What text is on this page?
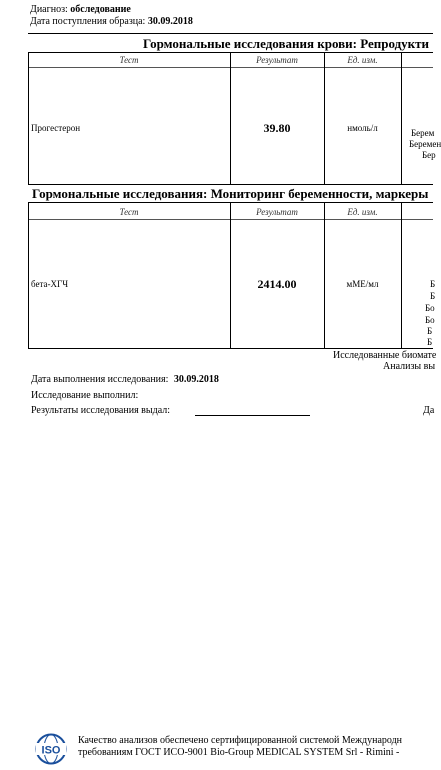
Диагноз: обследование
Дата поступления образца: 30.09.2018
Гормональные исследования крови: Репродукти
Тест	Результат	Ед. изм.
Прогестерон	39.80	нмоль/л	Берем
Беремен
Бер
Гормональные исследования: Мониторинг беременности, маркеры
Тест	Результат	Ед. изм.
бета-ХГЧ	2414.00	мМЕ/мл	Б
Б
Бо
Бо
Б
Б
Исследованные биомате
Анализы вы
Дата выполнения исследования: 30.09.2018
Исследование выполнил:
Результаты исследования выдал:	Да
ISO
Качество анализов обеспечено сертифицированной системой Международн
требованиям ГОСТ ИСО-9001 Bio-Group MEDICAL SYSTEM Srl - Rimini -
